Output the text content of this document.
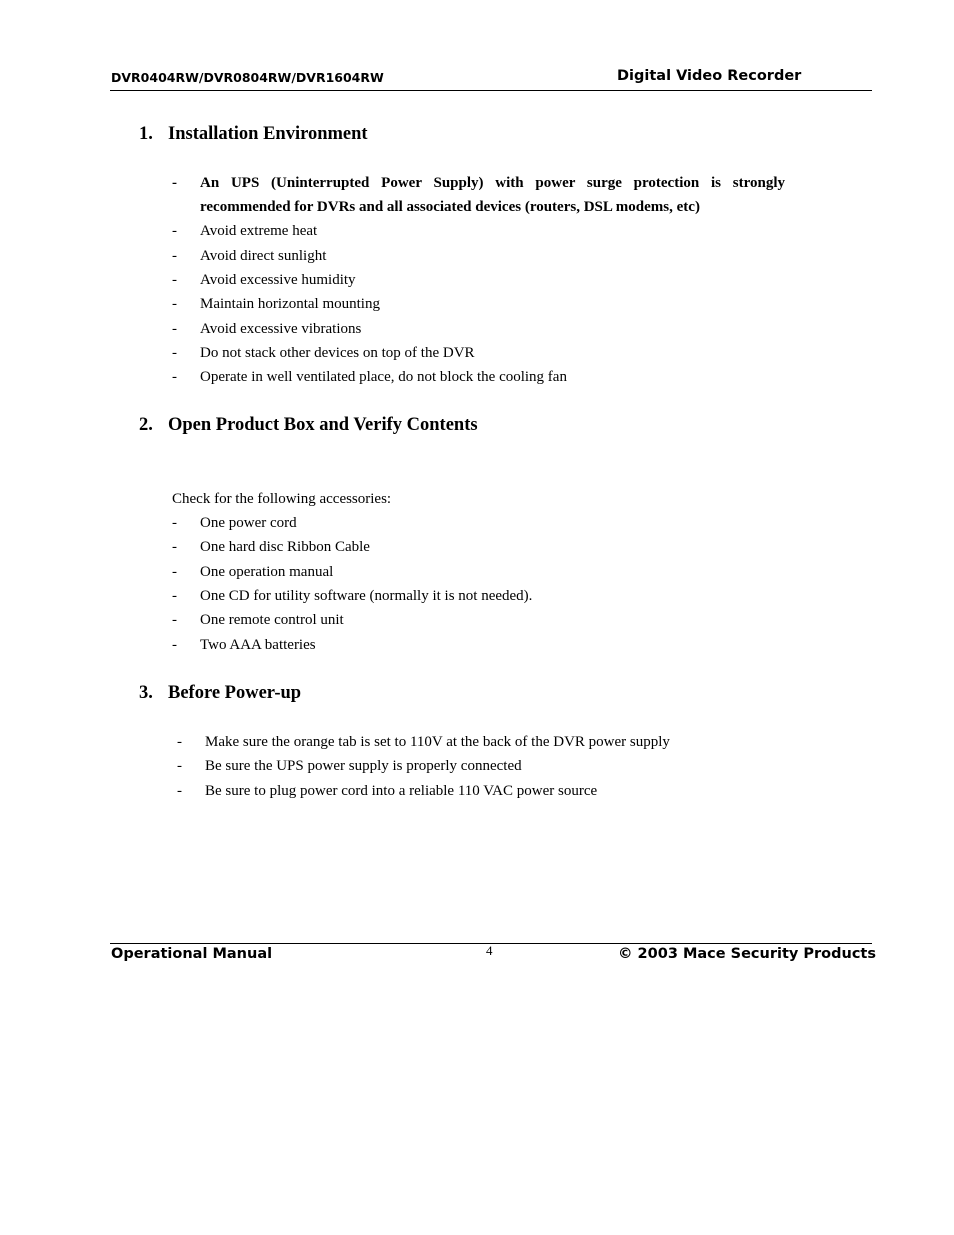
DVR0404RW/DVR0804RW/DVR1604RW	Digital Video Recorder
1. Installation Environment
- An UPS (Uninterrupted Power Supply) with power surge protection is strongly recommended for DVRs and all associated devices (routers, DSL modems, etc)
- Avoid extreme heat
- Avoid direct sunlight
- Avoid excessive humidity
- Maintain horizontal mounting
- Avoid excessive vibrations
- Do not stack other devices on top of the DVR
- Operate in well ventilated place, do not block the cooling fan
2. Open Product Box and Verify Contents
Check for the following accessories:
- One power cord
- One hard disc Ribbon Cable
- One operation manual
- One CD for utility software (normally it is not needed).
- One remote control unit
- Two AAA batteries
3. Before Power-up
- Make sure the orange tab is set to 110V at the back of the DVR power supply
- Be sure the UPS power supply is properly connected
- Be sure to plug power cord into a reliable 110 VAC power source
Operational Manual	4	© 2003 Mace Security Products
